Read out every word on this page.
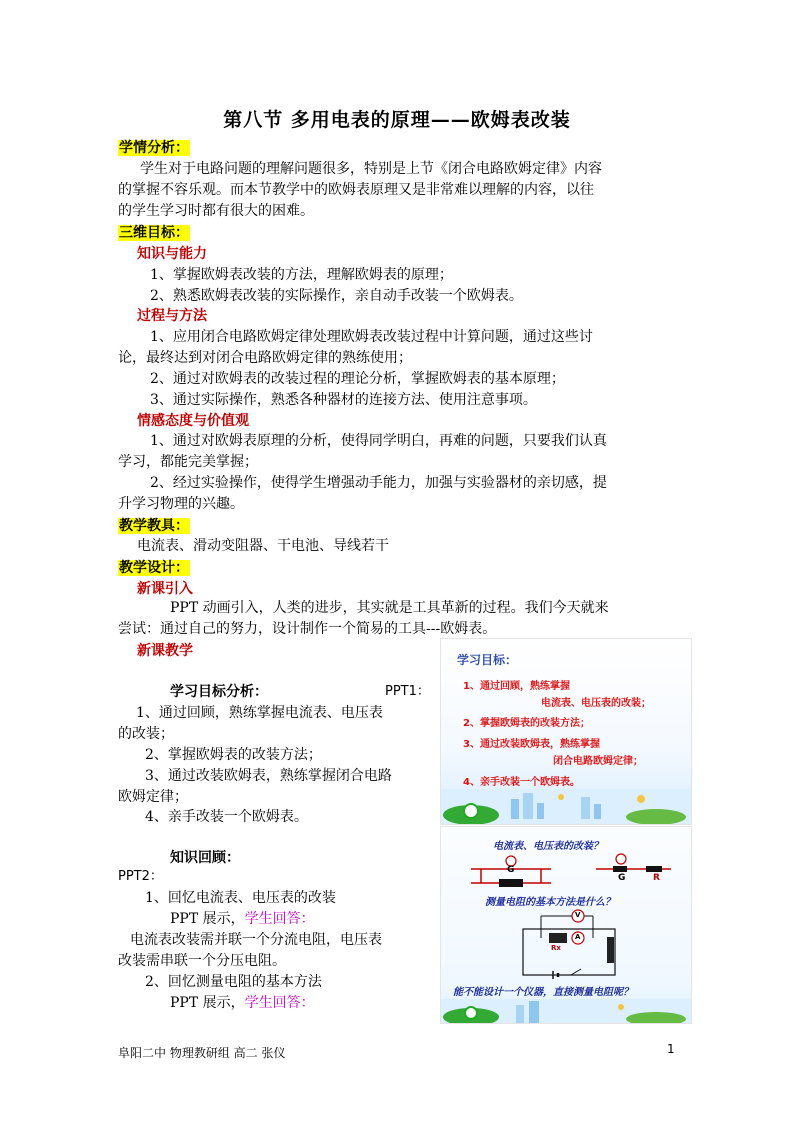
第八节 多用电表的原理——欧姆表改装
学情分析：
学生对于电路问题的理解问题很多，特别是上节《闭合电路欧姆定律》内容
的掌握不容乐观。而本节教学中的欧姆表原理又是非常难以理解的内容，以往
的学生学习时都有很大的困难。
三维目标：
知识与能力
1、掌握欧姆表改装的方法，理解欧姆表的原理；
2、熟悉欧姆表改装的实际操作，亲自动手改装一个欧姆表。
过程与方法
1、应用闭合电路欧姆定律处理欧姆表改装过程中计算问题，通过这些讨
论，最终达到对闭合电路欧姆定律的熟练使用；
2、通过对欧姆表的改装过程的理论分析，掌握欧姆表的基本原理；
3、通过实际操作，熟悉各种器材的连接方法、使用注意事项。
情感态度与价值观
1、通过对欧姆表原理的分析，使得同学明白，再难的问题，只要我们认真
学习，都能完美掌握；
2、经过实验操作，使得学生增强动手能力，加强与实验器材的亲切感，提
升学习物理的兴趣。
教学教具：
电流表、滑动变阻器、干电池、导线若干
教学设计：
新课引入
PPT 动画引入，人类的进步，其实就是工具革新的过程。我们今天就来
尝试：通过自己的努力，设计制作一个简易的工具---欧姆表。
新课教学
学习目标分析：	PPT1：
1、通过回顾，熟练掌握电流表、电压表
的改装；
2、掌握欧姆表的改装方法；
3、通过改装欧姆表，熟练掌握闭合电路
欧姆定律；
4、亲手改装一个欧姆表。
知识回顾：
PPT2：
1、回忆电流表、电压表的改装
PPT 展示，学生回答：
电流表改装需并联一个分流电阻，电压表
改装需串联一个分压电阻。
2、回忆测量电阻的基本方法
PPT 展示，学生回答：
学习目标：
1、通过回顾，熟练掌握
电流表、电压表的改装；
2、掌握欧姆表的改装方法；
3、通过改装欧姆表，熟练掌握
闭合电路欧姆定律；
4、亲手改装一个欧姆表。
电流表、电压表的改装？
G
G	R
测量电阻的基本方法是什么？
V
A
Rx
能不能设计一个仪器，直接测量电阻呢？
阜阳二中 物理教研组 高二 张仪	1
